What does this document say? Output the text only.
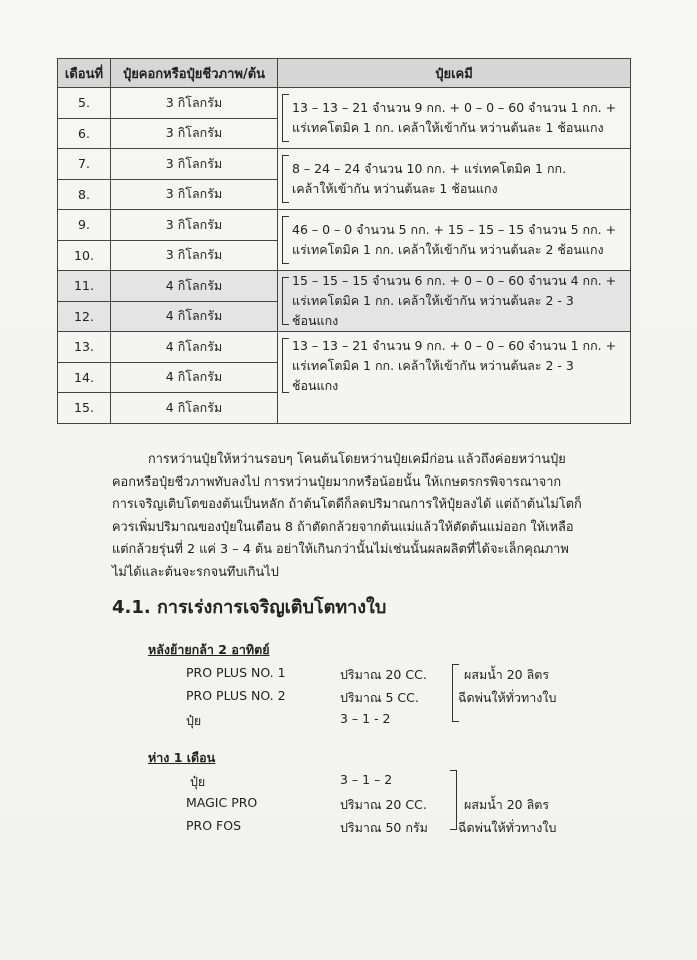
เดือนที่	ปุ๋ยคอกหรือปุ๋ยชีวภาพ/ต้น	ปุ๋ยเคมี
5.	3 กิโลกรัม	13 – 13 – 21 จำนวน 9 กก. + 0 – 0 – 60 จำนวน 1 กก. +
แร่เทคโตมิค 1 กก. เคล้าให้เข้ากัน หว่านต้นละ 1 ช้อนแกง

6.	3 กิโลกรัม	
7.	3 กิโลกรัม	8 – 24 – 24 จำนวน 10 กก. + แร่เทคโตมิค 1 กก.
เคล้าให้เข้ากัน หว่านต้นละ 1 ช้อนแกง

8.	3 กิโลกรัม	
9.	3 กิโลกรัม	46 – 0 – 0 จำนวน 5 กก. + 15 – 15 – 15 จำนวน 5 กก. +
แร่เทคโตมิค 1 กก. เคล้าให้เข้ากัน หว่านต้นละ 2 ช้อนแกง

10.	3 กิโลกรัม	
11.	4 กิโลกรัม	15 – 15 – 15 จำนวน 6 กก. + 0 – 0 – 60 จำนวน 4 กก. +
แร่เทคโตมิค 1 กก. เคล้าให้เข้ากัน หว่านต้นละ 2 - 3
ช้อนแกง

12.	4 กิโลกรัม	
13.	4 กิโลกรัม	13 – 13 – 21 จำนวน 9 กก. + 0 – 0 – 60 จำนวน 1 กก. +
แร่เทคโตมิค 1 กก. เคล้าให้เข้ากัน หว่านต้นละ 2 - 3
ช้อนแกง

14.	4 กิโลกรัม	
15.	4 กิโลกรัม	
การหว่านปุ๋ยให้หว่านรอบๆ โคนต้นโดยหว่านปุ๋ยเคมีก่อน แล้วถึงค่อยหว่านปุ๋ย
คอกหรือปุ๋ยชีวภาพทับลงไป การหว่านปุ๋ยมากหรือน้อยนั้น ให้เกษตรกรพิจารณาจาก
การเจริญเติบโตของต้นเป็นหลัก ถ้าต้นโตดีก็ลดปริมาณการให้ปุ๋ยลงได้ แต่ถ้าต้นไม่โตก็
ควรเพิ่มปริมาณของปุ๋ยในเดือน 8 ถ้าตัดกล้วยจากต้นแม่แล้วให้ตัดต้นแม่ออก ให้เหลือ
แต่กล้วยรุ่นที่ 2 แค่ 3 – 4 ต้น อย่าให้เกินกว่านั้นไม่เช่นนั้นผลผลิตที่ได้จะเล็กคุณภาพ
ไม่ได้และต้นจะรกจนทึบเกินไป
4.1. การเร่งการเจริญเติบโตทางใบ
หลังย้ายกล้า 2 อาทิตย์
PRO PLUS NO. 1	ปริมาณ 20 CC.
PRO PLUS NO. 2	ปริมาณ 5 CC.
ปุ๋ย	3 – 1 - 2
ผสมน้ำ 20 ลิตร
ฉีดพ่นให้ทั่วทางใบ
ห่าง 1 เดือน
ปุ๋ย	3 – 1 – 2
MAGIC PRO	ปริมาณ 20 CC.
PRO FOS	ปริมาณ 50 กรัม
ผสมน้ำ 20 ลิตร
ฉีดพ่นให้ทั่วทางใบ
